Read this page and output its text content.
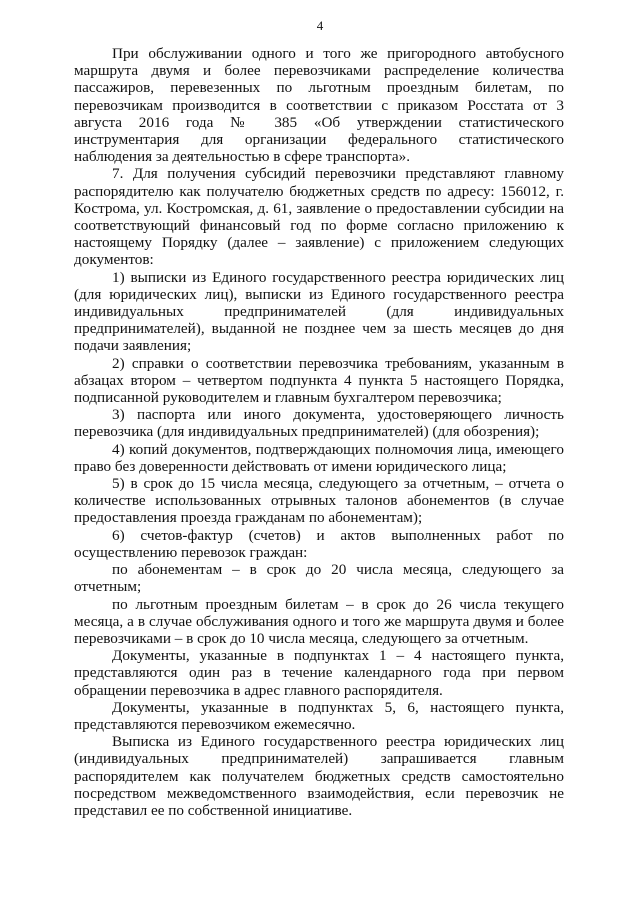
4

При обслуживании одного и того же пригородного автобусного маршрута двумя и более перевозчиками распределение количества пассажиров, перевезенных по льготным проездным билетам, по перевозчикам производится в соответствии с приказом Росстата от 3 августа 2016 года № 385 «Об утверждении статистического инструментария для организации федерального статистического наблюдения за деятельностью в сфере транспорта».

7. Для получения субсидий перевозчики представляют главному распорядителю как получателю бюджетных средств по адресу: 156012, г. Кострома, ул. Костромская, д. 61, заявление о предоставлении субсидии на соответствующий финансовый год по форме согласно приложению к настоящему Порядку (далее – заявление) с приложением следующих документов:

1) выписки из Единого государственного реестра юридических лиц (для юридических лиц), выписки из Единого государственного реестра индивидуальных предпринимателей (для индивидуальных предпринимателей), выданной не позднее чем за шесть месяцев до дня подачи заявления;

2) справки о соответствии перевозчика требованиям, указанным в абзацах втором – четвертом подпункта 4 пункта 5 настоящего Порядка, подписанной руководителем и главным бухгалтером перевозчика;

3) паспорта или иного документа, удостоверяющего личность перевозчика (для индивидуальных предпринимателей) (для обозрения);

4) копий документов, подтверждающих полномочия лица, имеющего право без доверенности действовать от имени юридического лица;

5) в срок до 15 числа месяца, следующего за отчетным, – отчета о количестве использованных отрывных талонов абонементов (в случае предоставления проезда гражданам по абонементам);

6) счетов-фактур (счетов) и актов выполненных работ по осуществлению перевозок граждан:

по абонементам – в срок до 20 числа месяца, следующего за отчетным;

по льготным проездным билетам – в срок до 26 числа текущего месяца, а в случае обслуживания одного и того же маршрута двумя и более перевозчиками – в срок до 10 числа месяца, следующего за отчетным.

Документы, указанные в подпунктах 1 – 4 настоящего пункта, представляются один раз в течение календарного года при первом обращении перевозчика в адрес главного распорядителя.

Документы, указанные в подпунктах 5, 6, настоящего пункта, представляются перевозчиком ежемесячно.

Выписка из Единого государственного реестра юридических лиц (индивидуальных предпринимателей) запрашивается главным распорядителем как получателем бюджетных средств самостоятельно посредством межведомственного взаимодействия, если перевозчик не представил ее по собственной инициативе.
